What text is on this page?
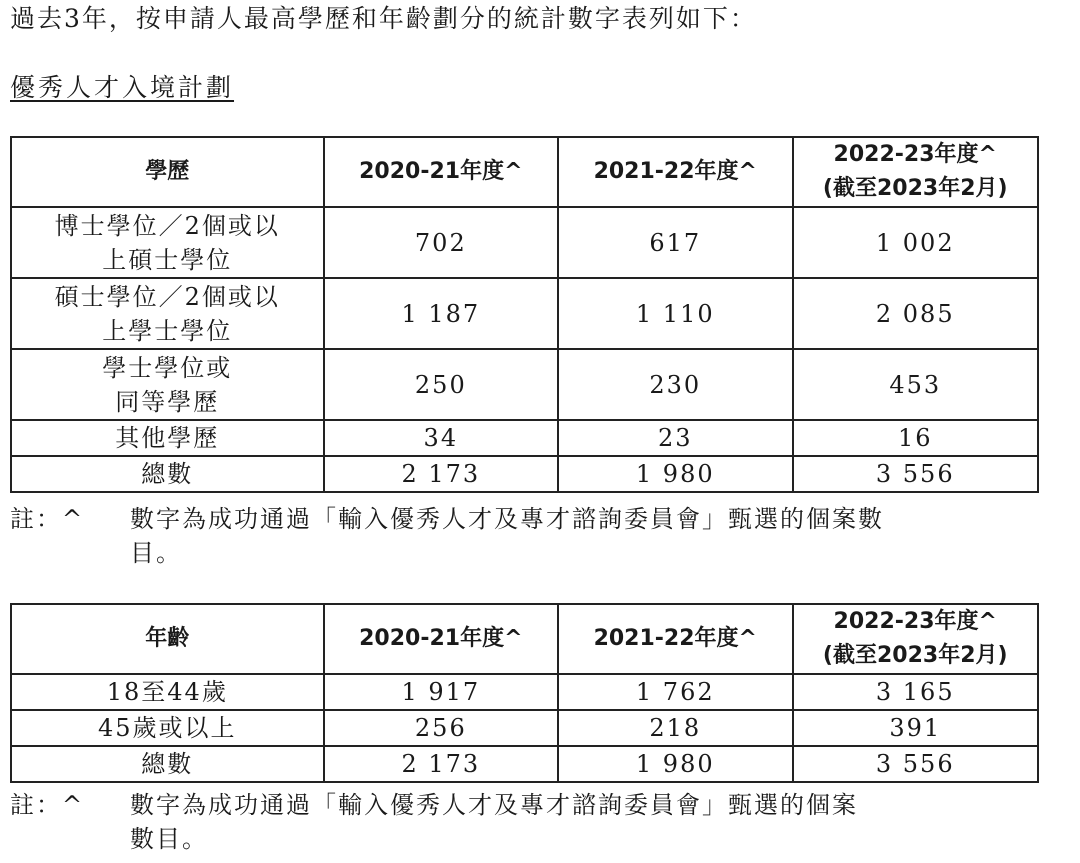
過去3年，按申請人最高學歷和年齡劃分的統計數字表列如下：
優秀人才入境計劃
學歷	2020-21年度^	2021-22年度^	2022-23年度^
(截至2023年2月)

博士學位／2個或以
上碩士學位	702	617	1 002

碩士學位／2個或以
上學士學位	1 187	1 110	2 085

學士學位或
同等學歷	250	230	453
其他學歷	34	23	16
總數	2 173	1 980	3 556
註：^ 數字為成功通過「輸入優秀人才及專才諮詢委員會」甄選的個案數
目。
年齡	2020-21年度^	2021-22年度^	2022-23年度^
(截至2023年2月)

18至44歲	1 917	1 762	3 165
45歲或以上	256	218	391
總數	2 173	1 980	3 556
註：^ 數字為成功通過「輸入優秀人才及專才諮詢委員會」甄選的個案
數目。
